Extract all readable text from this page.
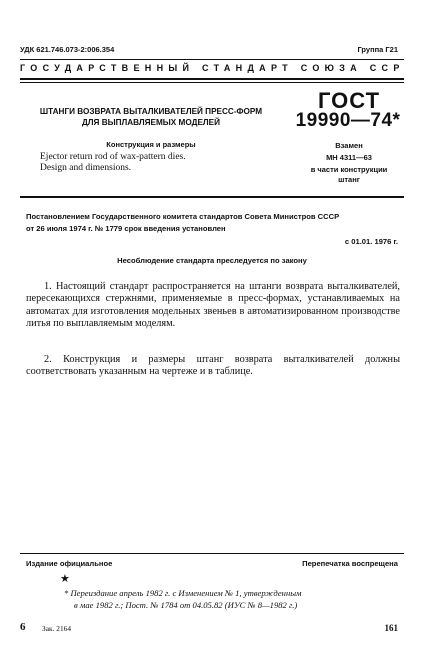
УДК 621.746.073-2:006.354	Группа Г21
ГОСУДАРСТВЕННЫЙ СТАНДАРТ СОЮЗА ССР
ШТАНГИ ВОЗВРАТА ВЫТАЛКИВАТЕЛЕЙ ПРЕСС-ФОРМ
ДЛЯ ВЫПЛАВЛЯЕМЫХ МОДЕЛЕЙ
Конструкция и размеры
Ejector return rod of wax-pattern dies.
Design and dimensions.
ГОСТ
19990—74*
Взамен
МН 4311—63
в части конструкции
штанг
Постановлением Государственного комитета стандартов Совета Министров СССР
от 26 июля 1974 г. № 1779 срок введения установлен
с 01.01. 1976 г.
Несоблюдение стандарта преследуется по закону
1. Настоящий стандарт распространяется на штанги возврата выталкивателей, пересекающихся стержнями, применяемые в пресс-формах, устанавливаемых на автоматах для изготовления модельных звеньев в автоматизированном производстве литья по выплавляемым моделям.
2. Конструкция и размеры штанг возврата выталкивателей должны соответствовать указанным на чертеже и в таблице.
Издание официальное	Перепечатка воспрещена
★
* Переиздание апрель 1982 г. с Изменением № 1, утвержденным
в мае 1982 г.; Пост. № 1784 от 04.05.82 (ИУС № 8—1982 г.)
6 Зак. 2164	161
